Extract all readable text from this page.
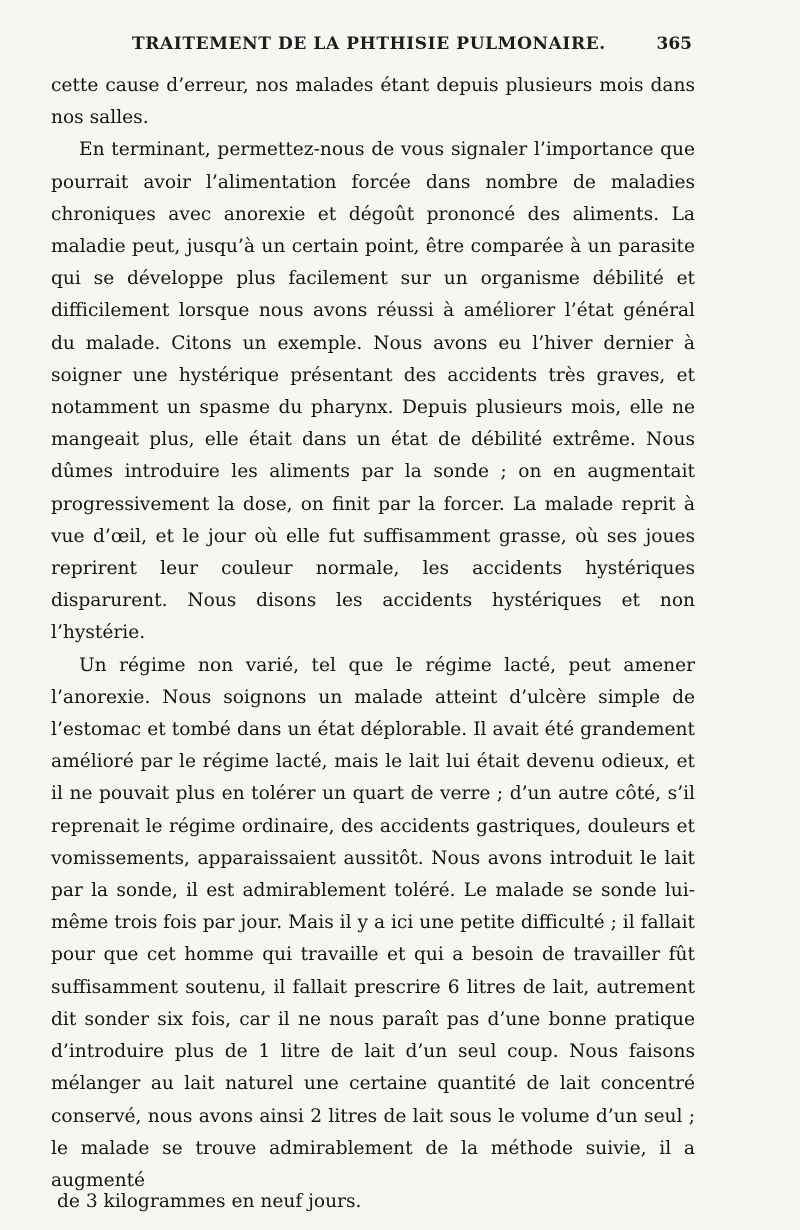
TRAITEMENT DE LA PHTHISIE PULMONAIRE.	365

cette cause d’erreur, nos malades étant depuis plusieurs mois dans nos salles.

En terminant, permettez-nous de vous signaler l’importance que pourrait avoir l’alimentation forcée dans nombre de maladies chroniques avec anorexie et dégoût prononcé des aliments. La maladie peut, jusqu’à un certain point, être comparée à un parasite qui se développe plus facilement sur un organisme débilité et difficilement lorsque nous avons réussi à améliorer l’état général du malade. Citons un exemple. Nous avons eu l’hiver dernier à soigner une hystérique présentant des accidents très graves, et notamment un spasme du pharynx. Depuis plusieurs mois, elle ne mangeait plus, elle était dans un état de débilité extrême. Nous dûmes introduire les aliments par la sonde ; on en augmentait progressivement la dose, on finit par la forcer. La malade reprit à vue d’œil, et le jour où elle fut suffisamment grasse, où ses joues reprirent leur couleur normale, les accidents hystériques disparurent. Nous disons les accidents hystériques et non l’hystérie.

Un régime non varié, tel que le régime lacté, peut amener l’anorexie. Nous soignons un malade atteint d’ulcère simple de l’estomac et tombé dans un état déplorable. Il avait été grandement amélioré par le régime lacté, mais le lait lui était devenu odieux, et il ne pouvait plus en tolérer un quart de verre ; d’un autre côté, s’il reprenait le régime ordinaire, des accidents gastriques, douleurs et vomissements, apparaissaient aussitôt. Nous avons introduit le lait par la sonde, il est admirablement toléré. Le malade se sonde lui-même trois fois par jour. Mais il y a ici une petite difficulté ; il fallait pour que cet homme qui travaille et qui a besoin de travailler fût suffisamment soutenu, il fallait prescrire 6 litres de lait, autrement dit sonder six fois, car il ne nous paraît pas d’une bonne pratique d’introduire plus de 1 litre de lait d’un seul coup. Nous faisons mélanger au lait naturel une certaine quantité de lait concentré conservé, nous avons ainsi 2 litres de lait sous le volume d’un seul ; le malade se trouve admirablement de la méthode suivie, il a augmenté

de 3 kilogrammes en neuf jours.
